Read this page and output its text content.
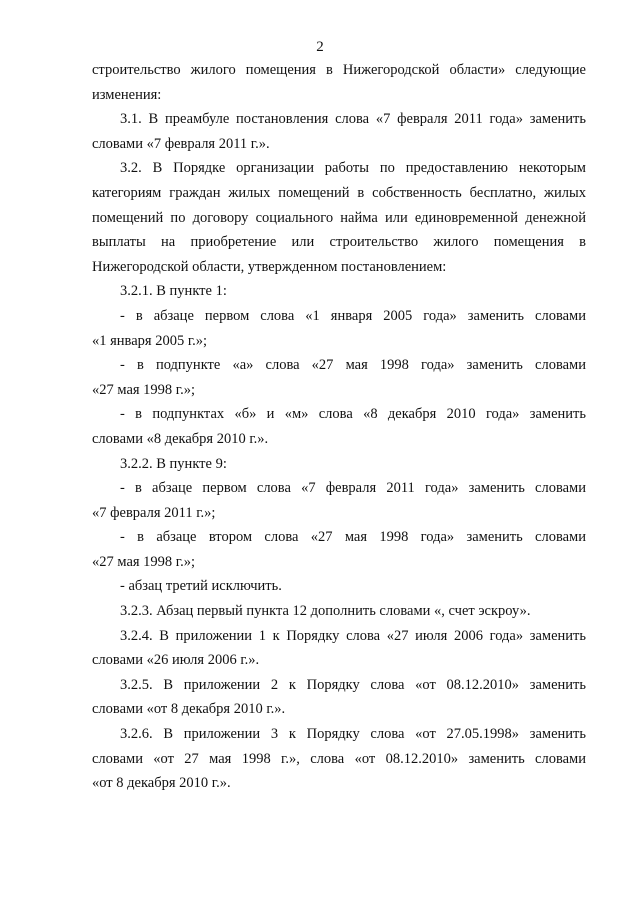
2
строительство жилого помещения в Нижегородской области» следующие
изменения:
3.1. В преамбуле постановления слова «7 февраля 2011 года» заменить
словами «7 февраля 2011 г.».
3.2. В Порядке организации работы по предоставлению некоторым
категориям граждан жилых помещений в собственность бесплатно, жилых
помещений по договору социального найма или единовременной денежной
выплаты на приобретение или строительство жилого помещения в
Нижегородской области, утвержденном постановлением:
3.2.1. В пункте 1:
- в абзаце первом слова «1 января 2005 года» заменить словами
«1 января 2005 г.»;
- в подпункте «а» слова «27 мая 1998 года» заменить словами
«27 мая 1998 г.»;
- в подпунктах «б» и «м» слова «8 декабря 2010 года» заменить
словами «8 декабря 2010 г.».
3.2.2. В пункте 9:
- в абзаце первом слова «7 февраля 2011 года» заменить словами
«7 февраля 2011 г.»;
- в абзаце втором слова «27 мая 1998 года» заменить словами
«27 мая 1998 г.»;
- абзац третий исключить.
3.2.3. Абзац первый пункта 12 дополнить словами «, счет эскроу».
3.2.4. В приложении 1 к Порядку слова «27 июля 2006 года» заменить
словами «26 июля 2006 г.».
3.2.5. В приложении 2 к Порядку слова «от 08.12.2010» заменить
словами «от 8 декабря 2010 г.».
3.2.6. В приложении 3 к Порядку слова «от 27.05.1998» заменить
словами «от 27 мая 1998 г.», слова «от 08.12.2010» заменить словами
«от 8 декабря 2010 г.».
